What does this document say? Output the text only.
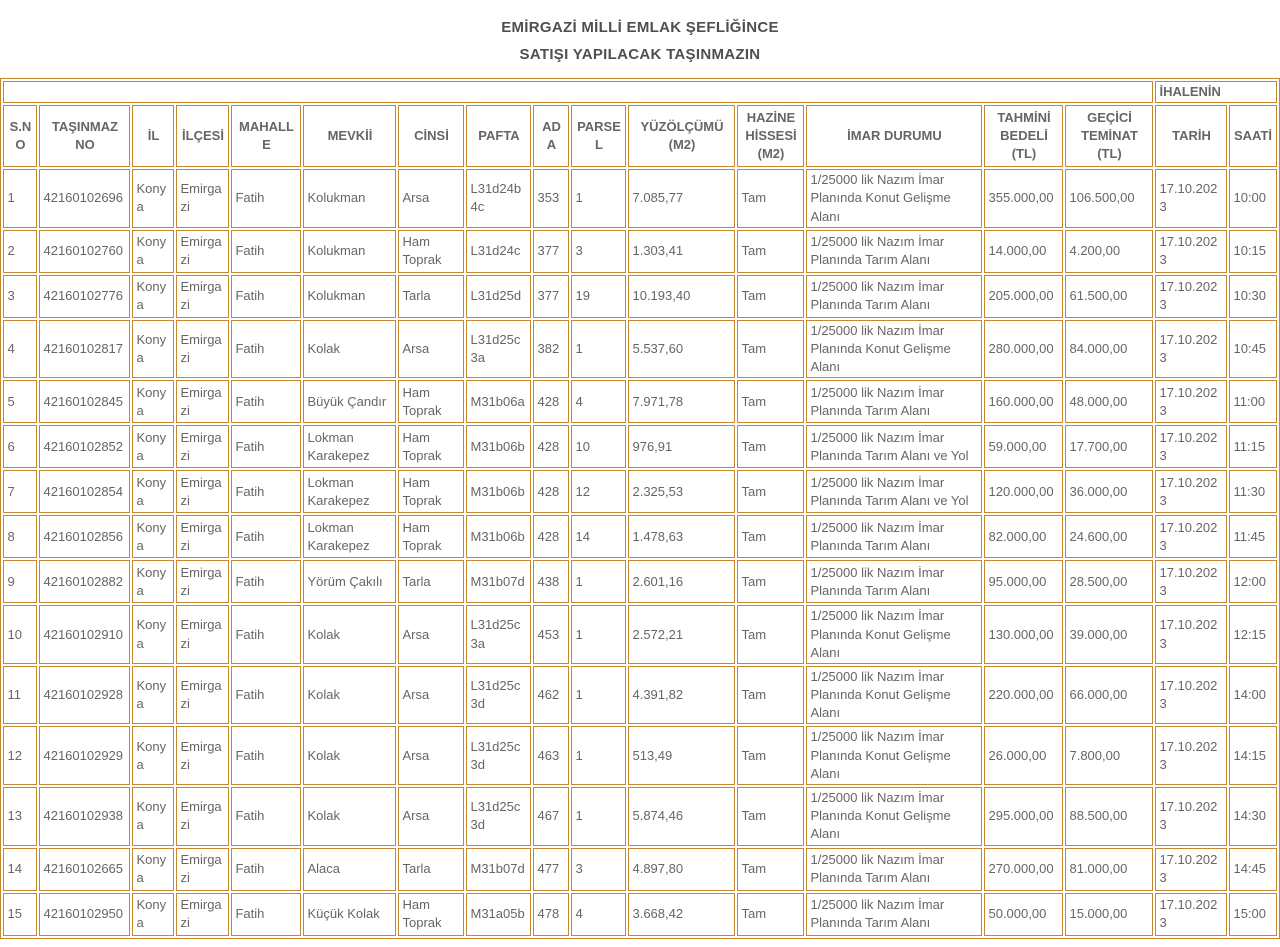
EMİRGAZİ MİLLİ EMLAK ŞEFLİĞİNCE
SATIŞI YAPILACAK TAŞINMAZIN
															İHALENİN	
S.NO	TAŞINMAZ NO	İL	İLÇESİ	MAHALLE	MEVKİİ	CİNSİ	PAFTA	ADA	PARSEL	YÜZÖLÇÜMÜ (M2)	HAZİNE HİSSESİ (M2)	İMAR DURUMU	TAHMİNİ BEDELİ (TL)	GEÇİCİ TEMİNAT (TL)	TARİH	SAATİ
1	42160102696	Konya	Emirgazi	Fatih	Kolukman	Arsa	L31d24b4c	353	1	7.085,77	Tam	1/25000 lik Nazım İmar Planında Konut Gelişme Alanı	355.000,00	106.500,00	17.10.2023	10:00
2	42160102760	Konya	Emirgazi	Fatih	Kolukman	Ham Toprak	L31d24c	377	3	1.303,41	Tam	1/25000 lik Nazım İmar Planında Tarım Alanı	14.000,00	4.200,00	17.10.2023	10:15
3	42160102776	Konya	Emirgazi	Fatih	Kolukman	Tarla	L31d25d	377	19	10.193,40	Tam	1/25000 lik Nazım İmar Planında Tarım Alanı	205.000,00	61.500,00	17.10.2023	10:30
4	42160102817	Konya	Emirgazi	Fatih	Kolak	Arsa	L31d25c3a	382	1	5.537,60	Tam	1/25000 lik Nazım İmar Planında Konut Gelişme Alanı	280.000,00	84.000,00	17.10.2023	10:45
5	42160102845	Konya	Emirgazi	Fatih	Büyük Çandır	Ham Toprak	M31b06a	428	4	7.971,78	Tam	1/25000 lik Nazım İmar Planında Tarım Alanı	160.000,00	48.000,00	17.10.2023	11:00
6	42160102852	Konya	Emirgazi	Fatih	Lokman Karakepez	Ham Toprak	M31b06b	428	10	976,91	Tam	1/25000 lik Nazım İmar Planında Tarım Alanı ve Yol	59.000,00	17.700,00	17.10.2023	11:15
7	42160102854	Konya	Emirgazi	Fatih	Lokman Karakepez	Ham Toprak	M31b06b	428	12	2.325,53	Tam	1/25000 lik Nazım İmar Planında Tarım Alanı ve Yol	120.000,00	36.000,00	17.10.2023	11:30
8	42160102856	Konya	Emirgazi	Fatih	Lokman Karakepez	Ham Toprak	M31b06b	428	14	1.478,63	Tam	1/25000 lik Nazım İmar Planında Tarım Alanı	82.000,00	24.600,00	17.10.2023	11:45
9	42160102882	Konya	Emirgazi	Fatih	Yörüm Çakılı	Tarla	M31b07d	438	1	2.601,16	Tam	1/25000 lik Nazım İmar Planında Tarım Alanı	95.000,00	28.500,00	17.10.2023	12:00
10	42160102910	Konya	Emirgazi	Fatih	Kolak	Arsa	L31d25c3a	453	1	2.572,21	Tam	1/25000 lik Nazım İmar Planında Konut Gelişme Alanı	130.000,00	39.000,00	17.10.2023	12:15
11	42160102928	Konya	Emirgazi	Fatih	Kolak	Arsa	L31d25c3d	462	1	4.391,82	Tam	1/25000 lik Nazım İmar Planında Konut Gelişme Alanı	220.000,00	66.000,00	17.10.2023	14:00
12	42160102929	Konya	Emirgazi	Fatih	Kolak	Arsa	L31d25c3d	463	1	513,49	Tam	1/25000 lik Nazım İmar Planında Konut Gelişme Alanı	26.000,00	7.800,00	17.10.2023	14:15
13	42160102938	Konya	Emirgazi	Fatih	Kolak	Arsa	L31d25c3d	467	1	5.874,46	Tam	1/25000 lik Nazım İmar Planında Konut Gelişme Alanı	295.000,00	88.500,00	17.10.2023	14:30
14	42160102665	Konya	Emirgazi	Fatih	Alaca	Tarla	M31b07d	477	3	4.897,80	Tam	1/25000 lik Nazım İmar Planında Tarım Alanı	270.000,00	81.000,00	17.10.2023	14:45
15	42160102950	Konya	Emirgazi	Fatih	Küçük Kolak	Ham Toprak	M31a05b	478	4	3.668,42	Tam	1/25000 lik Nazım İmar Planında Tarım Alanı	50.000,00	15.000,00	17.10.2023	15:00
